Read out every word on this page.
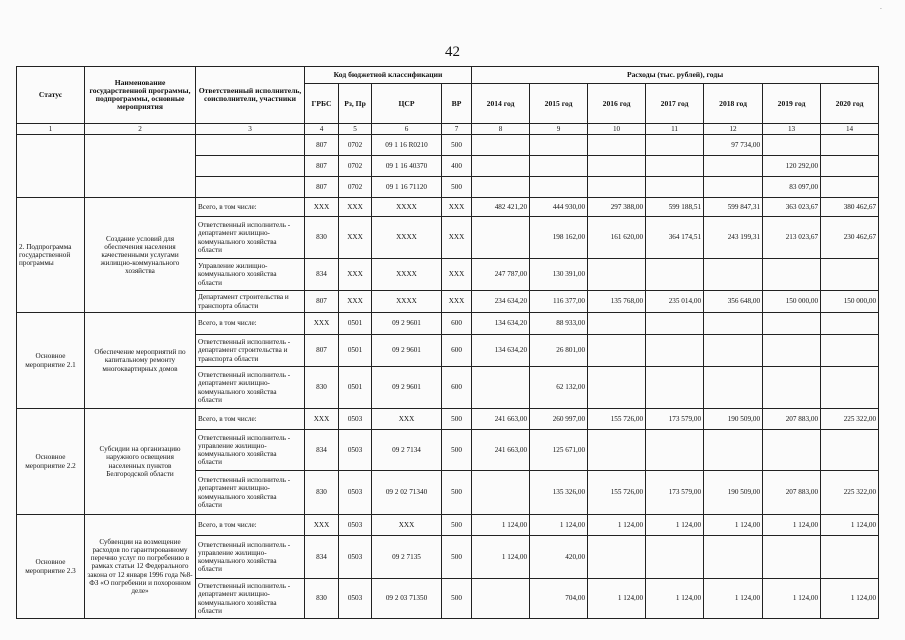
42
·
Статус	Наименование государственной программы, подпрограммы, основные мероприятия	Ответственный исполнитель, соисполнители, участники	Код бюджетной классификации				Расходы (тыс. рублей), годы						
			ГРБС	Рз, Пр	ЦСР	ВР	2014 год	2015 год	2016 год	2017 год	2018 год	2019 год	2020 год
1	2	3	4	5	6	7	8	9	10	11	12	13	14
			807	0702	09 1 16 R0210	500					97 734,00		
			807	0702	09 1 16 40370	400						120 292,00	
			807	0702	09 1 16 71120	500						83 097,00	
2. Подпрограмма государственной программы	Создание условий для обеспечения населения качественными услугами жилищно-коммунального хозяйства	Всего, в том числе:	ХХХ	ХХХ	ХХХХ	ХХХ	482 421,20	444 930,00	297 388,00	599 188,51	599 847,31	363 023,67	380 462,67
		Ответственный исполнитель - департамент жилищно-коммунального хозяйства области	830	ХХХ	ХХХХ	ХХХ		198 162,00	161 620,00	364 174,51	243 199,31	213 023,67	230 462,67
		Управление жилищно-коммунального хозяйства области	834	ХХХ	ХХХХ	ХХХ	247 787,00	130 391,00					
		Департамент строительства и транспорта области	807	ХХХ	ХХХХ	ХХХ	234 634,20	116 377,00	135 768,00	235 014,00	356 648,00	150 000,00	150 000,00
Основное мероприятие 2.1	Обеспечение мероприятий по капитальному ремонту многоквартирных домов	Всего, в том числе:	ХХХ	0501	09 2 9601	600	134 634,20	88 933,00					
		Ответственный исполнитель - департамент строительства и транспорта области	807	0501	09 2 9601	600	134 634,20	26 801,00					
		Ответственный исполнитель - департамент жилищно-коммунального хозяйства области	830	0501	09 2 9601	600		62 132,00					
Основное мероприятие 2.2	Субсидии на организацию наружного освещения населенных пунктов Белгородской области	Всего, в том числе:	ХХХ	0503	ХХХ	500	241 663,00	260 997,00	155 726,00	173 579,00	190 509,00	207 883,00	225 322,00
		Ответственный исполнитель - управление жилищно-коммунального хозяйства области	834	0503	09 2 7134	500	241 663,00	125 671,00					
		Ответственный исполнитель - департамент жилищно-коммунального хозяйства области	830	0503	09 2 02 71340	500		135 326,00	155 726,00	173 579,00	190 509,00	207 883,00	225 322,00
Основное мероприятие 2.3	Субвенции на возмещение расходов по гарантированному перечню услуг по погребению в рамках статьи 12 Федерального закона от 12 января 1996 года №8-ФЗ «О погребении и похоронном деле»	Всего, в том числе:	ХХХ	0503	ХХХ	500	1 124,00	1 124,00	1 124,00	1 124,00	1 124,00	1 124,00	1 124,00
		Ответственный исполнитель - управление жилищно-коммунального хозяйства области	834	0503	09 2 7135	500	1 124,00	420,00					
		Ответственный исполнитель - департамент жилищно-коммунального хозяйства области	830	0503	09 2 03 71350	500		704,00	1 124,00	1 124,00	1 124,00	1 124,00	1 124,00
